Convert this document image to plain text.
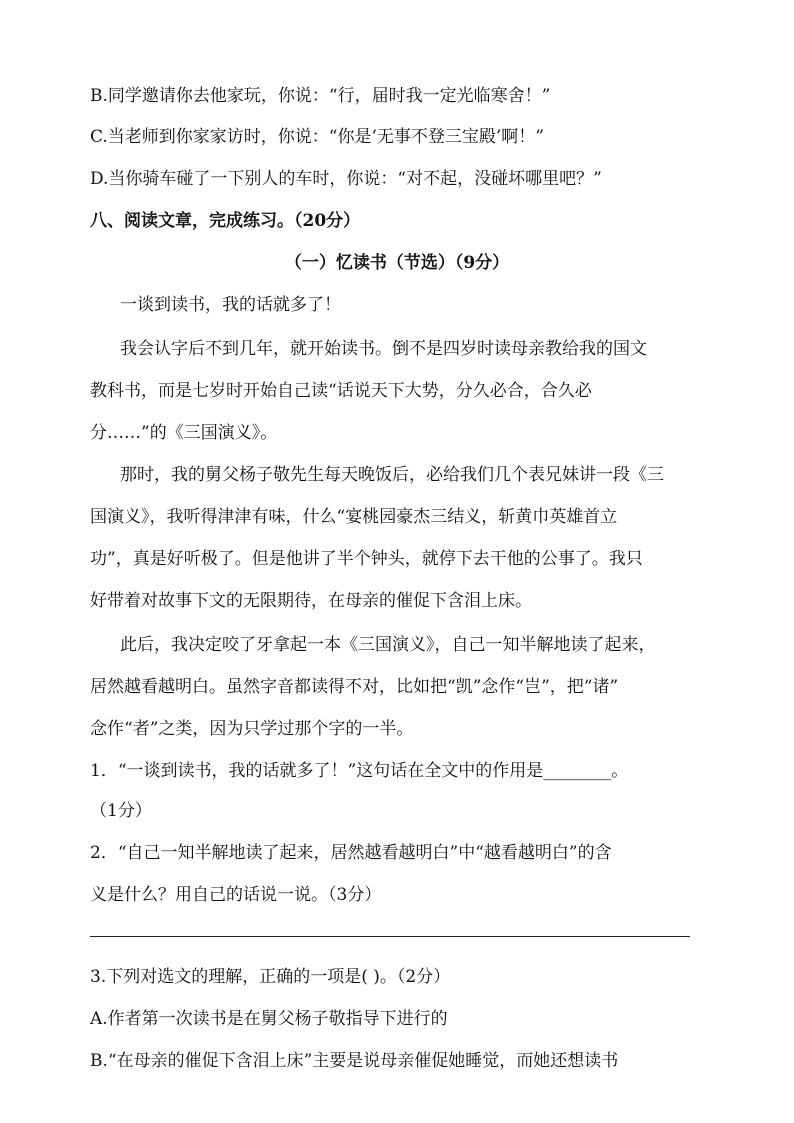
B.同学邀请你去他家玩，你说：“行，届时我一定光临寒舍！”
C.当老师到你家家访时，你说：“你是‘无事不登三宝殿’啊！”
D.当你骑车碰了一下别人的车时，你说：“对不起，没碰坏哪里吧？”
八、阅读文章，完成练习。（20分）
（一）忆读书（节选）（9分）
一谈到读书，我的话就多了！
我会认字后不到几年，就开始读书。倒不是四岁时读母亲教给我的国文
教科书，而是七岁时开始自己读“话说天下大势，分久必合，合久必
分……”的《三国演义》。
那时，我的舅父杨子敬先生每天晚饭后，必给我们几个表兄妹讲一段《三
国演义》，我听得津津有味，什么“宴桃园豪杰三结义，斩黄巾英雄首立
功”，真是好听极了。但是他讲了半个钟头，就停下去干他的公事了。我只
好带着对故事下文的无限期待，在母亲的催促下含泪上床。
此后，我决定咬了牙拿起一本《三国演义》，自己一知半解地读了起来，
居然越看越明白。虽然字音都读得不对，比如把“凯”念作“岂”，把“诸”
念作“者”之类，因为只学过那个字的一半。
1．“一谈到读书，我的话就多了！”这句话在全文中的作用是________。
（1分）
2．“自己一知半解地读了起来，居然越看越明白”中“越看越明白”的含
义是什么？用自己的话说一说。（3分）
3.下列对选文的理解，正确的一项是( )。（2分）
A.作者第一次读书是在舅父杨子敬指导下进行的
B.“在母亲的催促下含泪上床”主要是说母亲催促她睡觉，而她还想读书
